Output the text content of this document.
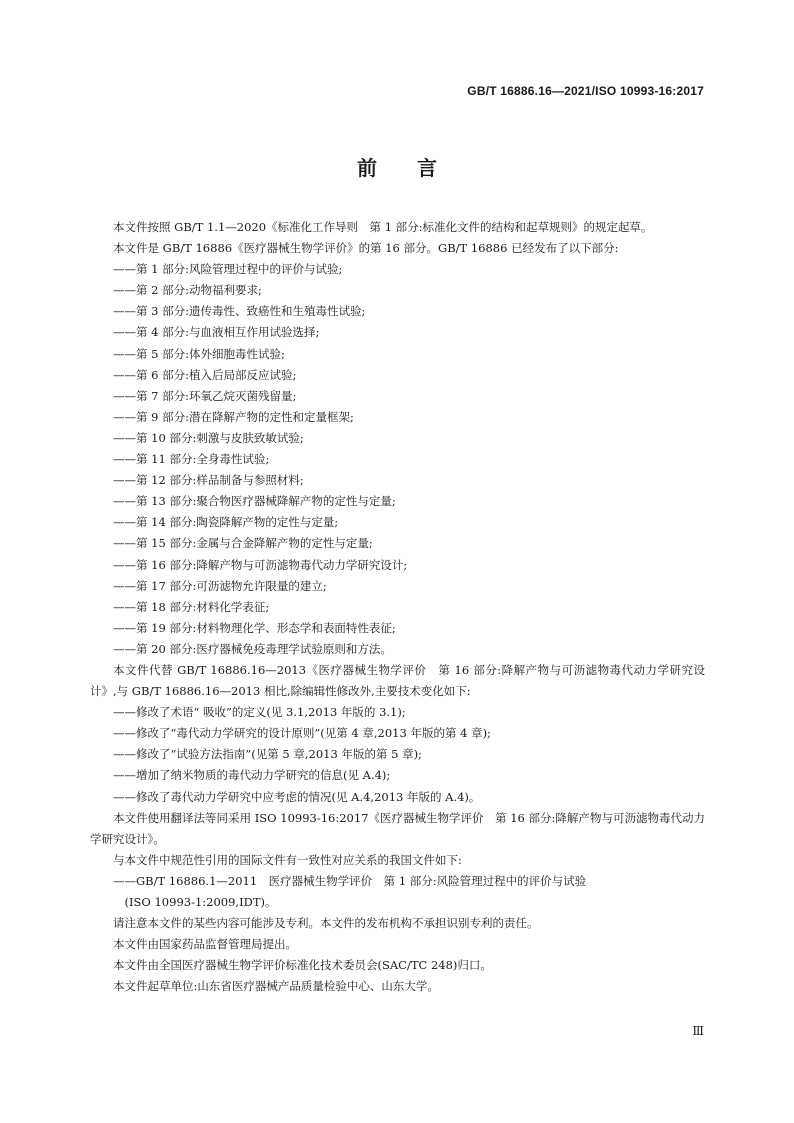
GB/T 16886.16—2021/ISO 10993-16:2017
前　　言

本文件按照 GB/T 1.1—2020《标准化工作导则　第 1 部分:标准化文件的结构和起草规则》的规定起草。

本文件是 GB/T 16886《医疗器械生物学评价》的第 16 部分。GB/T 16886 已经发布了以下部分:

——第 1 部分:风险管理过程中的评价与试验;
——第 2 部分:动物福利要求;
——第 3 部分:遗传毒性、致癌性和生殖毒性试验;
——第 4 部分:与血液相互作用试验选择;
——第 5 部分:体外细胞毒性试验;
——第 6 部分:植入后局部反应试验;
——第 7 部分:环氧乙烷灭菌残留量;
——第 9 部分:潜在降解产物的定性和定量框架;
——第 10 部分:刺激与皮肤致敏试验;
——第 11 部分:全身毒性试验;
——第 12 部分:样品制备与参照材料;
——第 13 部分:聚合物医疗器械降解产物的定性与定量;
——第 14 部分:陶瓷降解产物的定性与定量;
——第 15 部分:金属与合金降解产物的定性与定量;
——第 16 部分:降解产物与可沥滤物毒代动力学研究设计;
——第 17 部分:可沥滤物允许限量的建立;
——第 18 部分:材料化学表征;
——第 19 部分:材料物理化学、形态学和表面特性表征;
——第 20 部分:医疗器械免疫毒理学试验原则和方法。

本文件代替 GB/T 16886.16—2013《医疗器械生物学评价　第 16 部分:降解产物与可沥滤物毒代动力学研究设计》,与 GB/T 16886.16—2013 相比,除编辑性修改外,主要技术变化如下:

——修改了术语“ 吸收”的定义(见 3.1,2013 年版的 3.1);
——修改了“毒代动力学研究的设计原则”(见第 4 章,2013 年版的第 4 章);
——修改了“试验方法指南”(见第 5 章,2013 年版的第 5 章);
——增加了纳米物质的毒代动力学研究的信息(见 A.4);
——修改了毒代动力学研究中应考虑的情况(见 A.4,2013 年版的 A.4)。

本文件使用翻译法等同采用 ISO 10993-16:2017《医疗器械生物学评价　第 16 部分:降解产物与可沥滤物毒代动力学研究设计》。

与本文件中规范性引用的国际文件有一致性对应关系的我国文件如下:

——GB/T 16886.1—2011　医疗器械生物学评价　第 1 部分:风险管理过程中的评价与试验
(ISO 10993-1:2009,IDT)。

请注意本文件的某些内容可能涉及专利。本文件的发布机构不承担识别专利的责任。

本文件由国家药品监督管理局提出。

本文件由全国医疗器械生物学评价标准化技术委员会(SAC/TC 248)归口。

本文件起草单位:山东省医疗器械产品质量检验中心、山东大学。

Ⅲ
